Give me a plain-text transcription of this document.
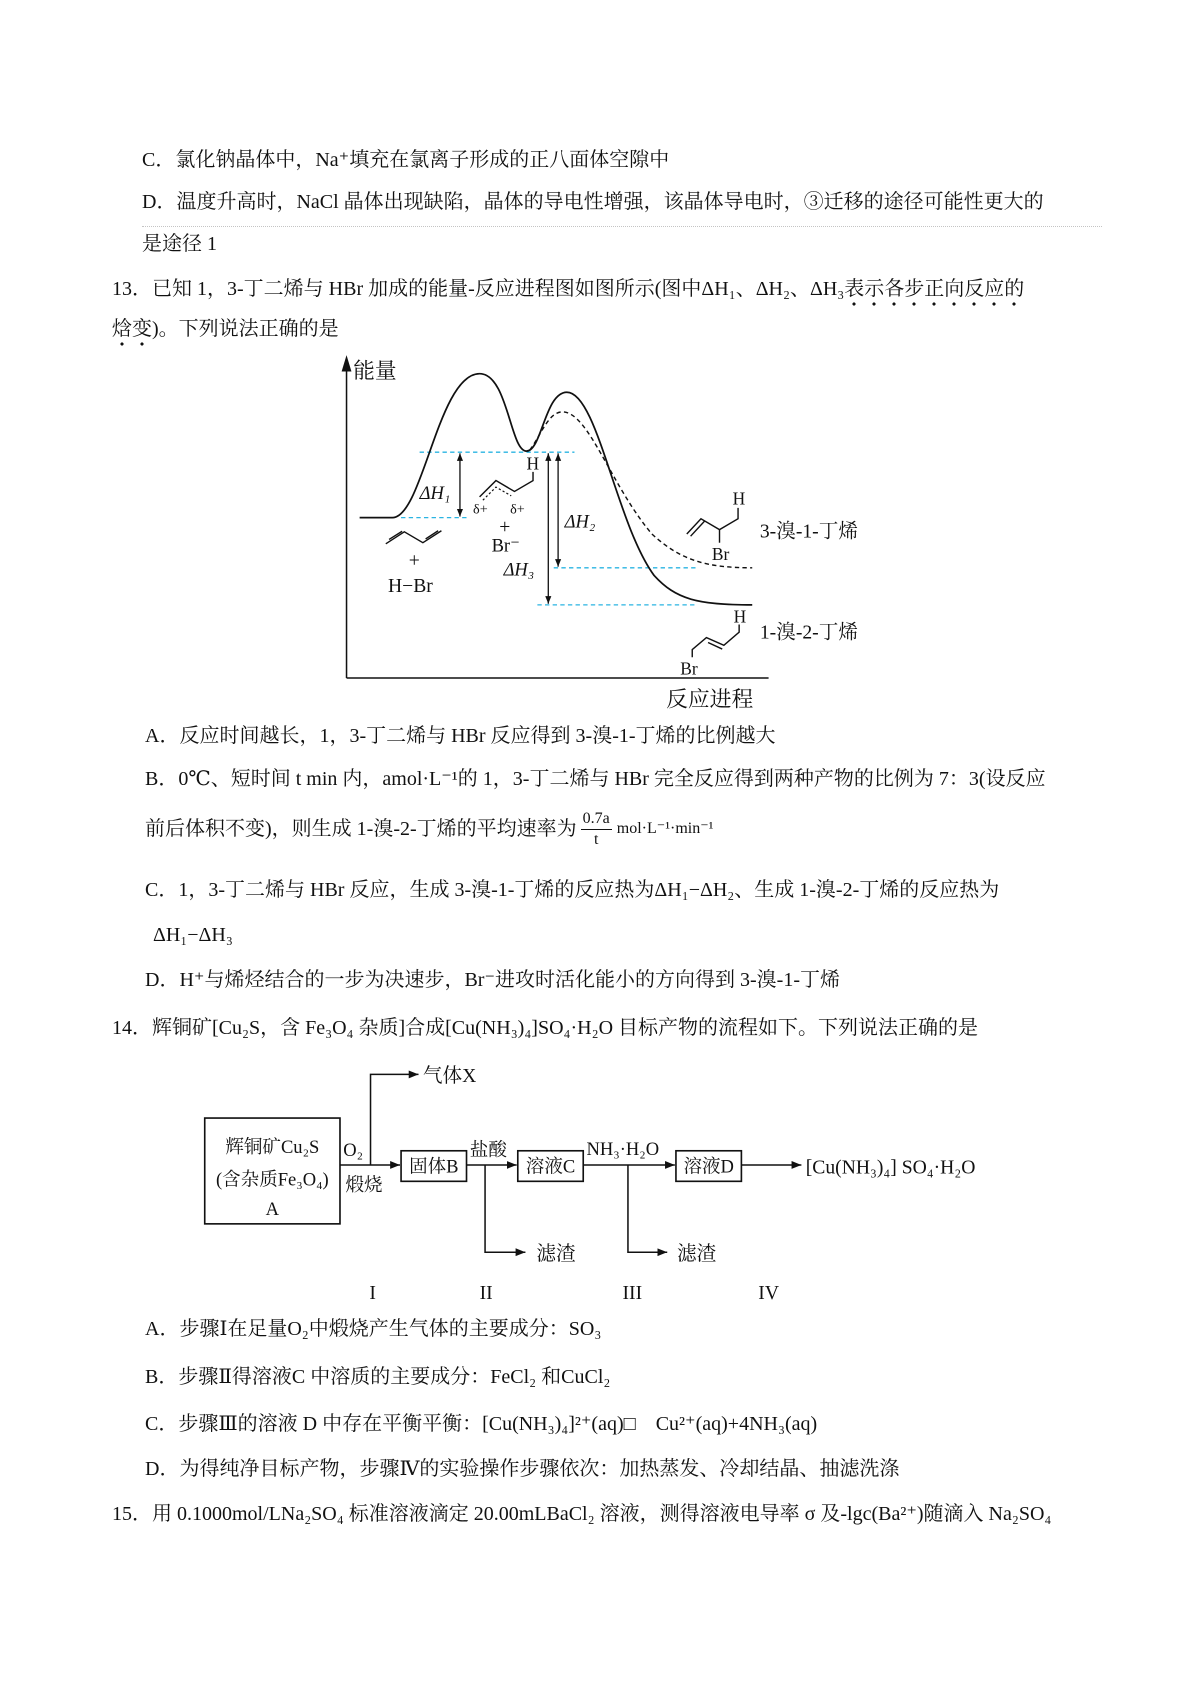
C．氯化钠晶体中，Na⁺填充在氯离子形成的正八面体空隙中
D．温度升高时，NaCl 晶体出现缺陷，晶体的导电性增强，该晶体导电时，③迁移的途径可能性更大的
是途径 1
13．已知 1，3-丁二烯与 HBr 加成的能量-反应进程图如图所示(图中ΔH₁、ΔH₂、ΔH₃表示各步正向反应的
焓变)。下列说法正确的是
能量
反应进程
ΔH₁
ΔH₂
ΔH₃
+
H−Br
H
δ+ δ+
+
Br⁻
H
Br
3-溴-1-丁烯
H
Br
1-溴-2-丁烯
A．反应时间越长，1，3-丁二烯与 HBr 反应得到 3-溴-1-丁烯的比例越大
B．0℃、短时间 t min 内，amol·L⁻¹的 1，3-丁二烯与 HBr 完全反应得到两种产物的比例为 7：3(设反应
前后体积不变)，则生成 1-溴-2-丁烯的平均速率为 $\frac{0.7a}{t} mol\cdot L^{-1}\cdot\min^{-1}$
C．1，3-丁二烯与 HBr 反应，生成 3-溴-1-丁烯的反应热为ΔH₁−ΔH₂、生成 1-溴-2-丁烯的反应热为
ΔH₁−ΔH₃
D．H⁺与烯烃结合的一步为决速步，Br⁻进攻时活化能小的方向得到 3-溴-1-丁烯
14．辉铜矿[Cu₂S，含 Fe₃O₄ 杂质]合成[Cu(NH₃)₄]SO₄·H₂O 目标产物的流程如下。下列说法正确的是
辉铜矿Cu₂S
(含杂质Fe₃O₄)
A
O₂
煅烧
气体X
固体B
盐酸
滤渣
溶液C
NH₃·H₂O
滤渣
溶液D	[Cu(NH₃)₄] SO₄·H₂O
I	II	III	IV
A．步骤Ⅰ在足量O₂中煅烧产生气体的主要成分：SO₃
B．步骤Ⅱ得溶液C 中溶质的主要成分：FeCl₂ 和CuCl₂
C．步骤Ⅲ的溶液 D 中存在平衡平衡：[Cu(NH₃)₄]²⁺(aq)□　Cu²⁺(aq)+4NH₃(aq)
D．为得纯净目标产物，步骤Ⅳ的实验操作步骤依次：加热蒸发、冷却结晶、抽滤洗涤
15．用 0.1000mol/LNa₂SO₄ 标准溶液滴定 20.00mLBaCl₂ 溶液，测得溶液电导率 σ 及-lgc(Ba²⁺)随滴入 Na₂SO₄
